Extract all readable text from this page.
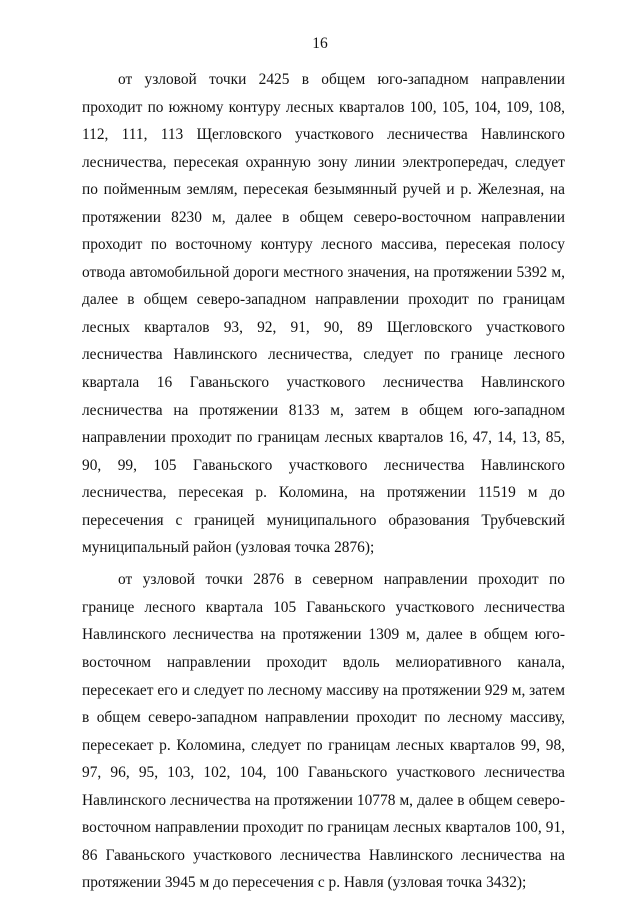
16

от узловой точки 2425 в общем юго-западном направлении проходит по южному контуру лесных кварталов 100, 105, 104, 109, 108, 112, 111, 113 Щегловского участкового лесничества Навлинского лесничества, пересекая охранную зону линии электропередач, следует по пойменным землям, пересекая безымянный ручей и р. Железная, на протяжении 8230 м, далее в общем северо-восточном направлении проходит по восточному контуру лесного массива, пересекая полосу отвода автомобильной дороги местного значения, на протяжении 5392 м, далее в общем северо-западном направлении проходит по границам лесных кварталов 93, 92, 91, 90, 89 Щегловского участкового лесничества Навлинского лесничества, следует по границе лесного квартала 16 Гаваньского участкового лесничества Навлинского лесничества на протяжении 8133 м, затем в общем юго-западном направлении проходит по границам лесных кварталов 16, 47, 14, 13, 85, 90, 99, 105 Гаваньского участкового лесничества Навлинского лесничества, пересекая р. Коломина, на протяжении 11519 м до пересечения с границей муниципального образования Трубчевский муниципальный район (узловая точка 2876);

от узловой точки 2876 в северном направлении проходит по границе лесного квартала 105 Гаваньского участкового лесничества Навлинского лесничества на протяжении 1309 м, далее в общем юго-восточном направлении проходит вдоль мелиоративного канала, пересекает его и следует по лесному массиву на протяжении 929 м, затем в общем северо-западном направлении проходит по лесному массиву, пересекает р. Коломина, следует по границам лесных кварталов 99, 98, 97, 96, 95, 103, 102, 104, 100 Гаваньского участкового лесничества Навлинского лесничества на протяжении 10778 м, далее в общем северо-восточном направлении проходит по границам лесных кварталов 100, 91, 86 Гаваньского участкового лесничества Навлинского лесничества на протяжении 3945 м до пересечения с р. Навля (узловая точка 3432);
